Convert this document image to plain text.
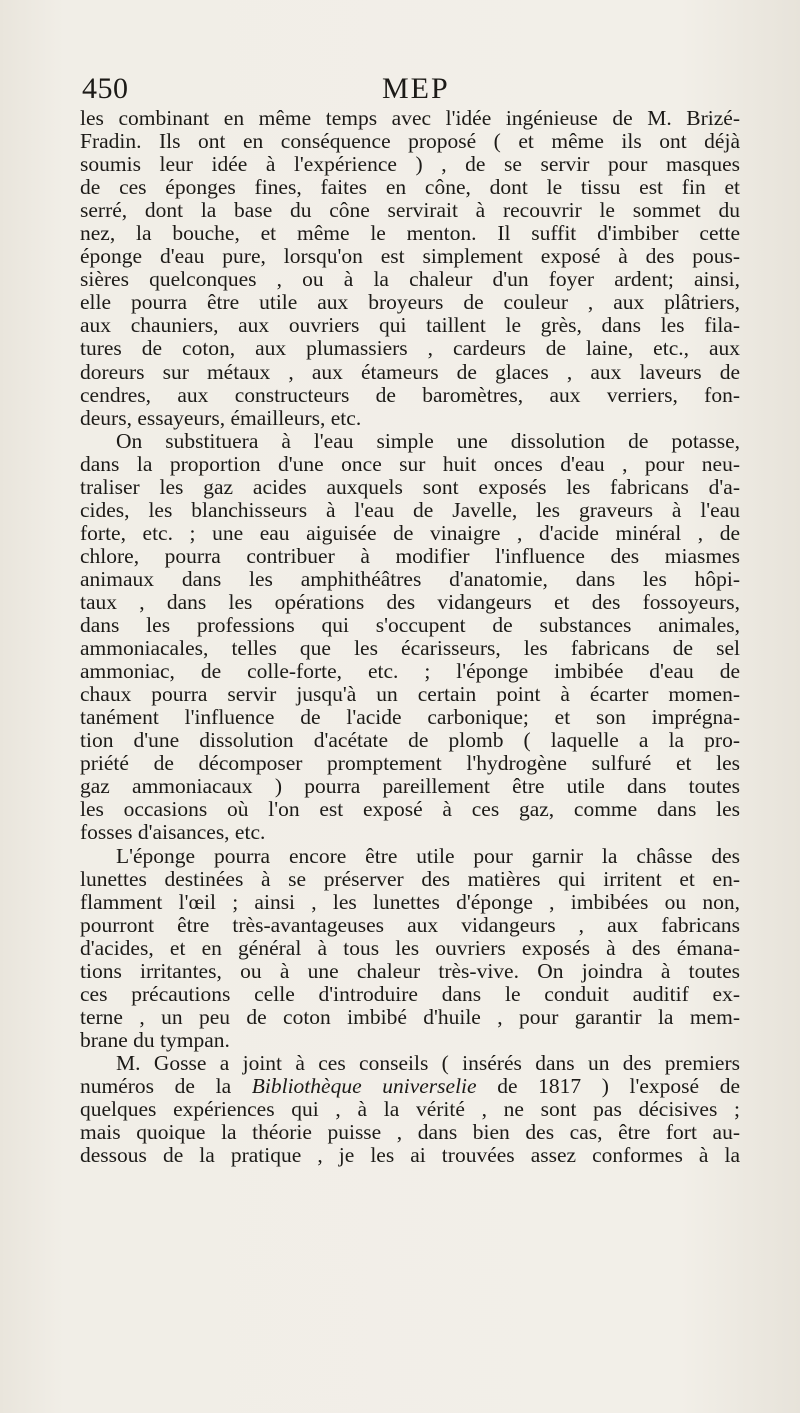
450	MEP

les combinant en même temps avec l'idée ingénieuse de M. Brizé-
Fradin. Ils ont en conséquence proposé ( et même ils ont déjà
soumis leur idée à l'expérience ) , de se servir pour masques
de ces éponges fines, faites en cône, dont le tissu est fin et
serré, dont la base du cône servirait à recouvrir le sommet du
nez, la bouche, et même le menton. Il suffit d'imbiber cette
éponge d'eau pure, lorsqu'on est simplement exposé à des pous-
sières quelconques , ou à la chaleur d'un foyer ardent; ainsi,
elle pourra être utile aux broyeurs de couleur , aux plâtriers,
aux chauniers, aux ouvriers qui taillent le grès, dans les fila-
tures de coton, aux plumassiers , cardeurs de laine, etc., aux
doreurs sur métaux , aux étameurs de glaces , aux laveurs de
cendres, aux constructeurs de baromètres, aux verriers, fon-
deurs, essayeurs, émailleurs, etc.

On substituera à l'eau simple une dissolution de potasse,
dans la proportion d'une once sur huit onces d'eau , pour neu-
traliser les gaz acides auxquels sont exposés les fabricans d'a-
cides, les blanchisseurs à l'eau de Javelle, les graveurs à l'eau
forte, etc. ; une eau aiguisée de vinaigre , d'acide minéral , de
chlore, pourra contribuer à modifier l'influence des miasmes
animaux dans les amphithéâtres d'anatomie, dans les hôpi-
taux , dans les opérations des vidangeurs et des fossoyeurs,
dans les professions qui s'occupent de substances animales,
ammoniacales, telles que les écarisseurs, les fabricans de sel
ammoniac, de colle-forte, etc. ; l'éponge imbibée d'eau de
chaux pourra servir jusqu'à un certain point à écarter momen-
tanément l'influence de l'acide carbonique; et son imprégna-
tion d'une dissolution d'acétate de plomb ( laquelle a la pro-
priété de décomposer promptement l'hydrogène sulfuré et les
gaz ammoniacaux ) pourra pareillement être utile dans toutes
les occasions où l'on est exposé à ces gaz, comme dans les
fosses d'aisances, etc.

L'éponge pourra encore être utile pour garnir la châsse des
lunettes destinées à se préserver des matières qui irritent et en-
flamment l'œil ; ainsi , les lunettes d'éponge , imbibées ou non,
pourront être très-avantageuses aux vidangeurs , aux fabricans
d'acides, et en général à tous les ouvriers exposés à des émana-
tions irritantes, ou à une chaleur très-vive. On joindra à toutes
ces précautions celle d'introduire dans le conduit auditif ex-
terne , un peu de coton imbibé d'huile , pour garantir la mem-
brane du tympan.

M. Gosse a joint à ces conseils ( insérés dans un des premiers
numéros de la Bibliothèque universelie de 1817 ) l'exposé de
quelques expériences qui , à la vérité , ne sont pas décisives ;
mais quoique la théorie puisse , dans bien des cas, être fort au-
dessous de la pratique , je les ai trouvées assez conformes à la
